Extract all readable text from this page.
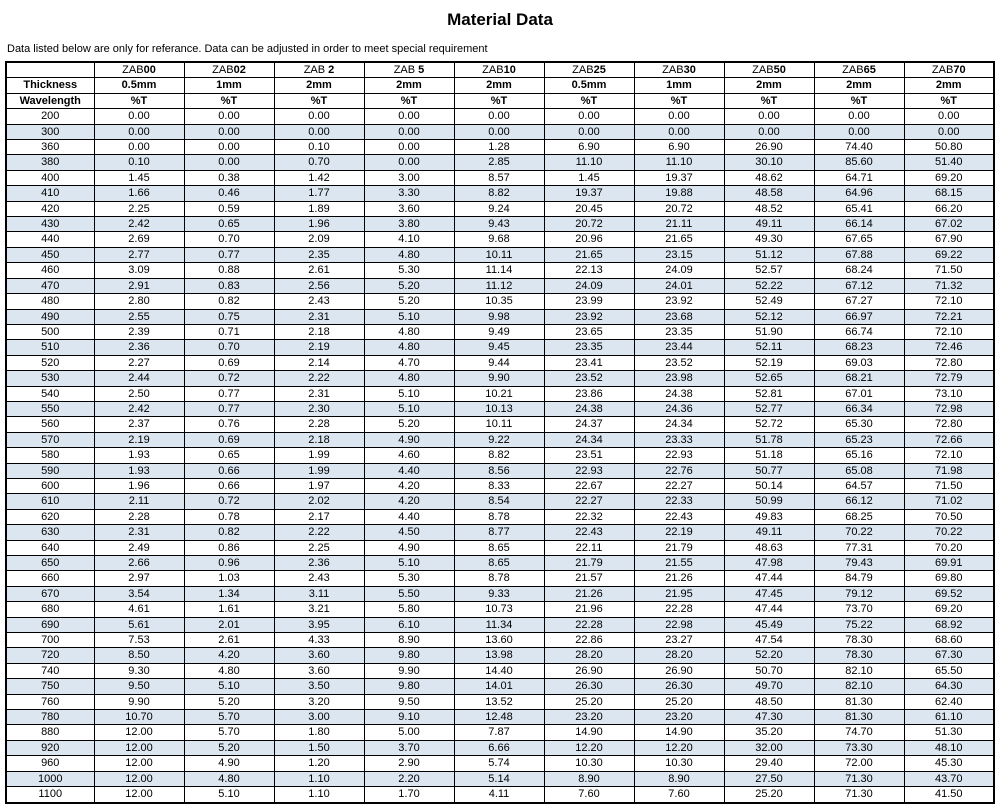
Material Data
Data listed below are only for referance. Data can be adjusted in order to meet special requirement
	ZAB00	ZAB02	ZAB 2	ZAB 5	ZAB10	ZAB25	ZAB30	ZAB50	ZAB65	ZAB70
Thickness	0.5mm	1mm	2mm	2mm	2mm	0.5mm	1mm	2mm	2mm	2mm
Wavelength	%T	%T	%T	%T	%T	%T	%T	%T	%T	%T
200	0.00	0.00	0.00	0.00	0.00	0.00	0.00	0.00	0.00	0.00
300	0.00	0.00	0.00	0.00	0.00	0.00	0.00	0.00	0.00	0.00
360	0.00	0.00	0.10	0.00	1.28	6.90	6.90	26.90	74.40	50.80
380	0.10	0.00	0.70	0.00	2.85	11.10	11.10	30.10	85.60	51.40
400	1.45	0.38	1.42	3.00	8.57	1.45	19.37	48.62	64.71	69.20
410	1.66	0.46	1.77	3.30	8.82	19.37	19.88	48.58	64.96	68.15
420	2.25	0.59	1.89	3.60	9.24	20.45	20.72	48.52	65.41	66.20
430	2.42	0.65	1.96	3.80	9.43	20.72	21.11	49.11	66.14	67.02
440	2.69	0.70	2.09	4.10	9.68	20.96	21.65	49.30	67.65	67.90
450	2.77	0.77	2.35	4.80	10.11	21.65	23.15	51.12	67.88	69.22
460	3.09	0.88	2.61	5.30	11.14	22.13	24.09	52.57	68.24	71.50
470	2.91	0.83	2.56	5.20	11.12	24.09	24.01	52.22	67.12	71.32
480	2.80	0.82	2.43	5.20	10.35	23.99	23.92	52.49	67.27	72.10
490	2.55	0.75	2.31	5.10	9.98	23.92	23.68	52.12	66.97	72.21
500	2.39	0.71	2.18	4.80	9.49	23.65	23.35	51.90	66.74	72.10
510	2.36	0.70	2.19	4.80	9.45	23.35	23.44	52.11	68.23	72.46
520	2.27	0.69	2.14	4.70	9.44	23.41	23.52	52.19	69.03	72.80
530	2.44	0.72	2.22	4.80	9.90	23.52	23.98	52.65	68.21	72.79
540	2.50	0.77	2.31	5.10	10.21	23.86	24.38	52.81	67.01	73.10
550	2.42	0.77	2.30	5.10	10.13	24.38	24.36	52.77	66.34	72.98
560	2.37	0.76	2.28	5.20	10.11	24.37	24.34	52.72	65.30	72.80
570	2.19	0.69	2.18	4.90	9.22	24.34	23.33	51.78	65.23	72.66
580	1.93	0.65	1.99	4.60	8.82	23.51	22.93	51.18	65.16	72.10
590	1.93	0.66	1.99	4.40	8.56	22.93	22.76	50.77	65.08	71.98
600	1.96	0.66	1.97	4.20	8.33	22.67	22.27	50.14	64.57	71.50
610	2.11	0.72	2.02	4.20	8.54	22.27	22.33	50.99	66.12	71.02
620	2.28	0.78	2.17	4.40	8.78	22.32	22.43	49.83	68.25	70.50
630	2.31	0.82	2.22	4.50	8.77	22.43	22.19	49.11	70.22	70.22
640	2.49	0.86	2.25	4.90	8.65	22.11	21.79	48.63	77.31	70.20
650	2.66	0.96	2.36	5.10	8.65	21.79	21.55	47.98	79.43	69.91
660	2.97	1.03	2.43	5.30	8.78	21.57	21.26	47.44	84.79	69.80
670	3.54	1.34	3.11	5.50	9.33	21.26	21.95	47.45	79.12	69.52
680	4.61	1.61	3.21	5.80	10.73	21.96	22.28	47.44	73.70	69.20
690	5.61	2.01	3.95	6.10	11.34	22.28	22.98	45.49	75.22	68.92
700	7.53	2.61	4.33	8.90	13.60	22.86	23.27	47.54	78.30	68.60
720	8.50	4.20	3.60	9.80	13.98	28.20	28.20	52.20	78.30	67.30
740	9.30	4.80	3.60	9.90	14.40	26.90	26.90	50.70	82.10	65.50
750	9.50	5.10	3.50	9.80	14.01	26.30	26.30	49.70	82.10	64.30
760	9.90	5.20	3.20	9.50	13.52	25.20	25.20	48.50	81.30	62.40
780	10.70	5.70	3.00	9.10	12.48	23.20	23.20	47.30	81.30	61.10
880	12.00	5.70	1.80	5.00	7.87	14.90	14.90	35.20	74.70	51.30
920	12.00	5.20	1.50	3.70	6.66	12.20	12.20	32.00	73.30	48.10
960	12.00	4.90	1.20	2.90	5.74	10.30	10.30	29.40	72.00	45.30
1000	12.00	4.80	1.10	2.20	5.14	8.90	8.90	27.50	71.30	43.70
1100	12.00	5.10	1.10	1.70	4.11	7.60	7.60	25.20	71.30	41.50
